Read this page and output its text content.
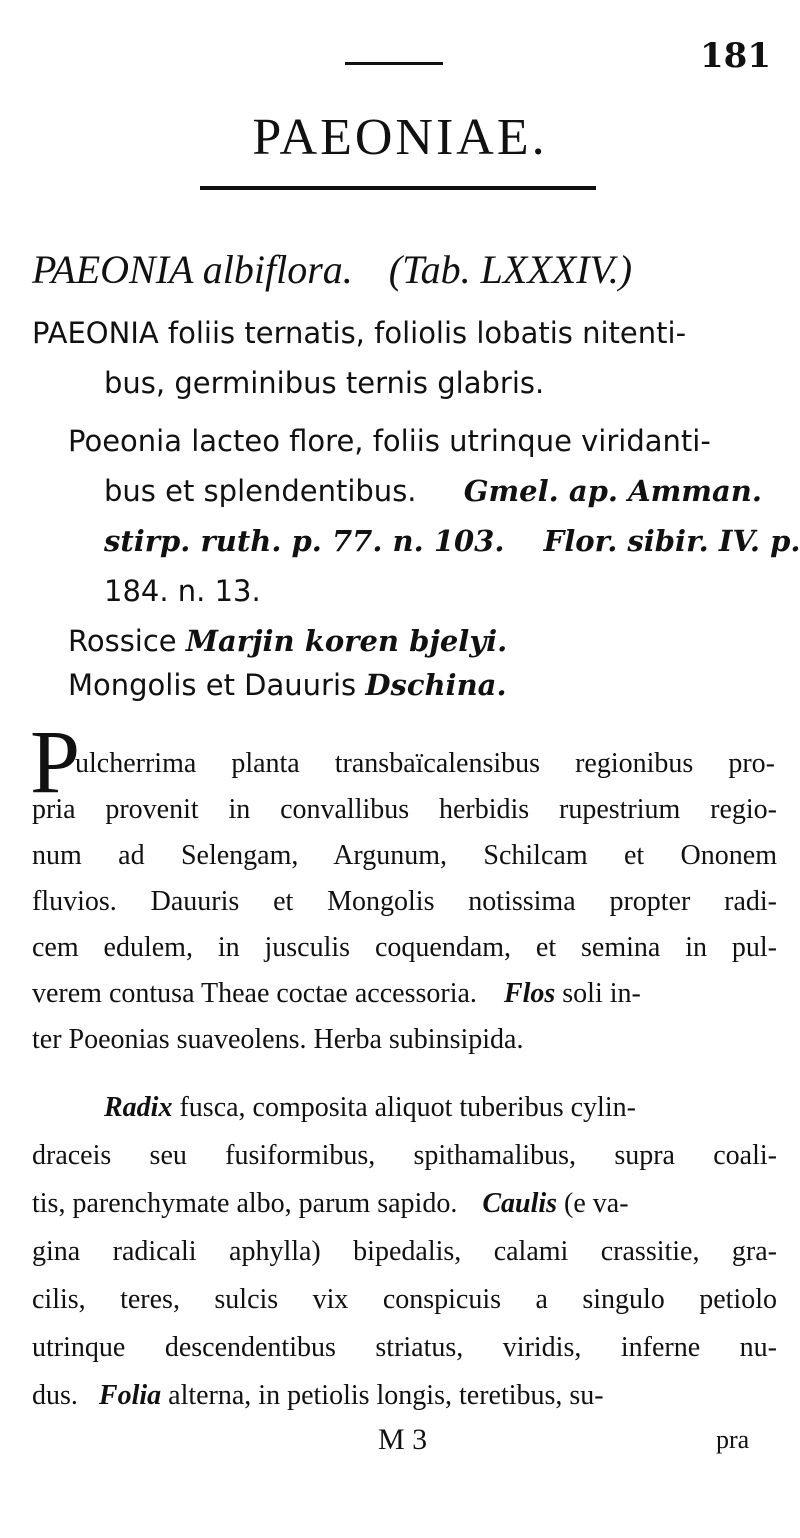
181
PAEONIAE.
PAEONIA albiflora. (Tab. LXXXIV.)
PAEONIA foliis ternatis, foliolis lobatis nitenti-
bus, germinibus ternis glabris.
Poeonia lacteo flore, foliis utrinque viridanti-
bus et splendentibus. Gmel. ap. Amman.
stirp. ruth. p. 77. n. 103. Flor. sibir. IV. p.
184. n. 13.
Rossice Marjin koren bjelyi.
Mongolis et Dauuris Dschina.
P
ulcherrima planta transbaïcalensibus regionibus pro-
pria provenit in convallibus herbidis rupestrium regio-
num ad Selengam, Argunum, Schilcam et Ononem
fluvios. Dauuris et Mongolis notissima propter radi-
cem edulem, in jusculis coquendam, et semina in pul-
verem contusa Theae coctae accessoria. Flos soli in-
ter Poeonias suaveolens. Herba subinsipida.
Radix fusca, composita aliquot tuberibus cylin-
draceis seu fusiformibus, spithamalibus, supra coali-
tis, parenchymate albo, parum sapido. Caulis (e va-
gina radicali aphylla) bipedalis, calami crassitie, gra-
cilis, teres, sulcis vix conspicuis a singulo petiolo
utrinque descendentibus striatus, viridis, inferne nu-
dus. Folia alterna, in petiolis longis, teretibus, su-
M 3	pra
